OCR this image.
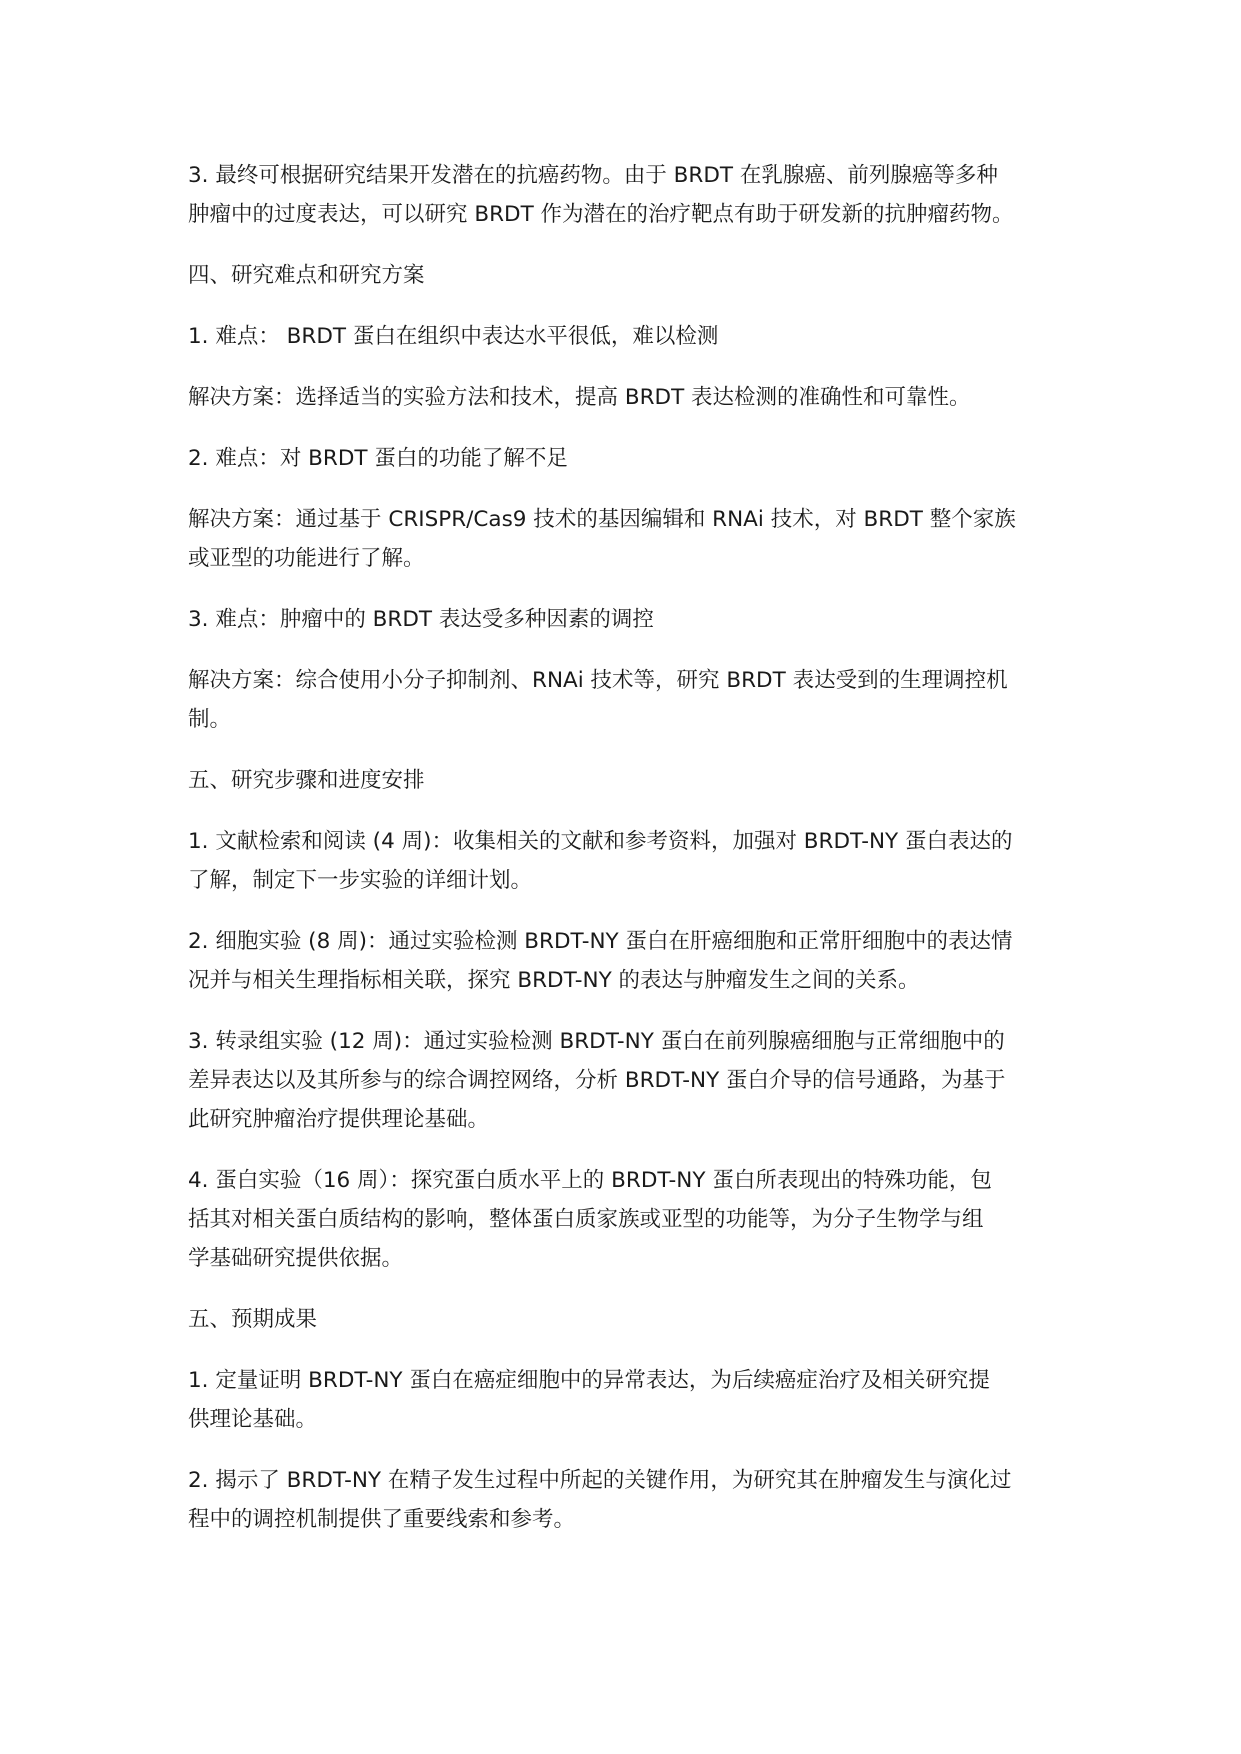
3. 最终可根据研究结果开发潜在的抗癌药物。由于 BRDT 在乳腺癌、前列腺癌等多种
肿瘤中的过度表达，可以研究 BRDT 作为潜在的治疗靶点有助于研发新的抗肿瘤药物。

四、研究难点和研究方案

1. 难点： BRDT 蛋白在组织中表达水平很低，难以检测

解决方案：选择适当的实验方法和技术，提高 BRDT 表达检测的准确性和可靠性。

2. 难点：对 BRDT 蛋白的功能了解不足

解决方案：通过基于 CRISPR/Cas9 技术的基因编辑和 RNAi 技术，对 BRDT 整个家族
或亚型的功能进行了解。

3. 难点：肿瘤中的 BRDT 表达受多种因素的调控

解决方案：综合使用小分子抑制剂、RNAi 技术等，研究 BRDT 表达受到的生理调控机
制。

五、研究步骤和进度安排

1. 文献检索和阅读 (4 周)：收集相关的文献和参考资料，加强对 BRDT-NY 蛋白表达的
了解，制定下一步实验的详细计划。

2. 细胞实验 (8 周)：通过实验检测 BRDT-NY 蛋白在肝癌细胞和正常肝细胞中的表达情
况并与相关生理指标相关联，探究 BRDT-NY 的表达与肿瘤发生之间的关系。

3. 转录组实验 (12 周)：通过实验检测 BRDT-NY 蛋白在前列腺癌细胞与正常细胞中的
差异表达以及其所参与的综合调控网络，分析 BRDT-NY 蛋白介导的信号通路，为基于
此研究肿瘤治疗提供理论基础。

4. 蛋白实验（16 周）：探究蛋白质水平上的 BRDT-NY 蛋白所表现出的特殊功能，包
括其对相关蛋白质结构的影响，整体蛋白质家族或亚型的功能等，为分子生物学与组
学基础研究提供依据。

五、预期成果

1. 定量证明 BRDT-NY 蛋白在癌症细胞中的异常表达，为后续癌症治疗及相关研究提
供理论基础。

2. 揭示了 BRDT-NY 在精子发生过程中所起的关键作用，为研究其在肿瘤发生与演化过
程中的调控机制提供了重要线索和参考。
